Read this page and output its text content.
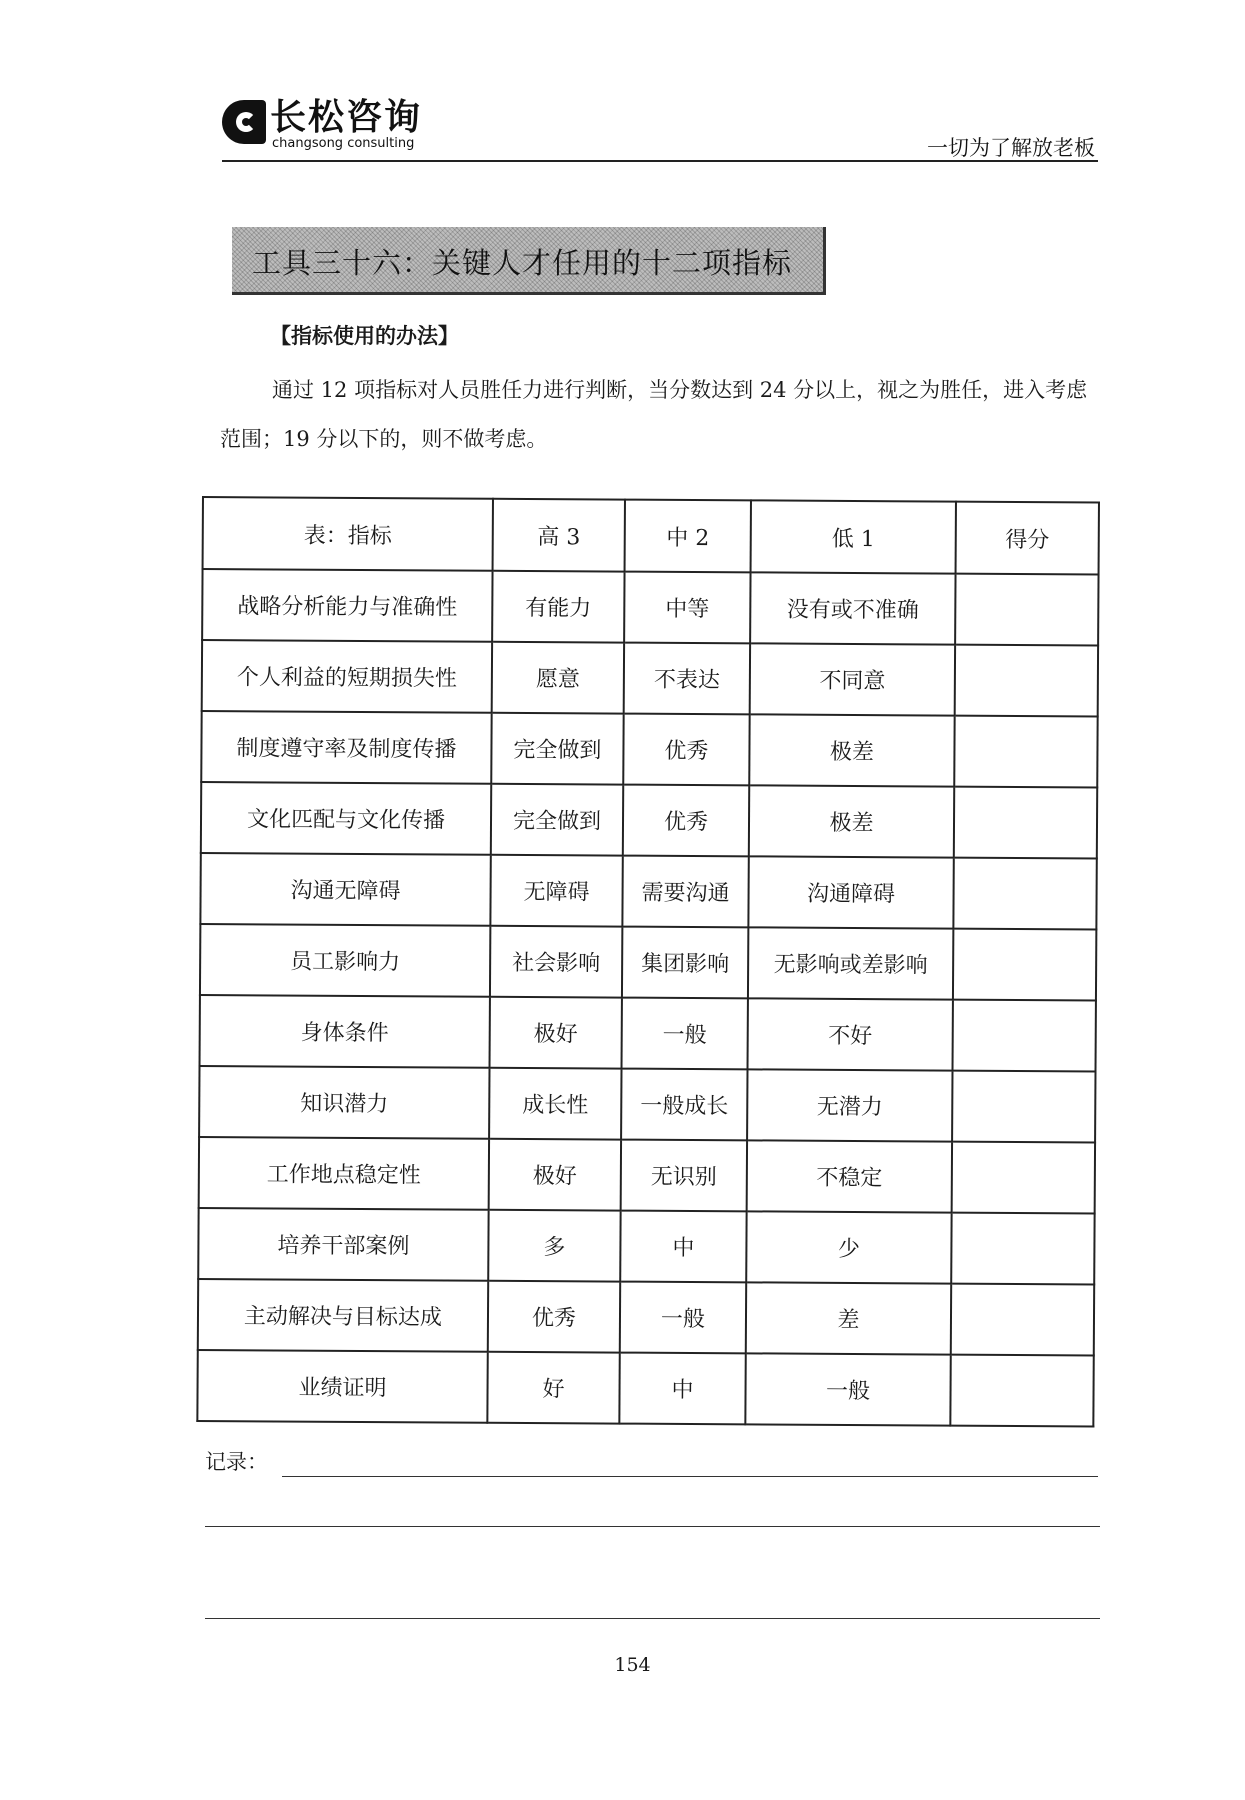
长松咨询
changsong consulting	一切为了解放老板
工具三十六：关键人才任用的十二项指标
【指标使用的办法】
通过 12 项指标对人员胜任力进行判断，当分数达到 24 分以上，视之为胜任，进入考虑范围；19 分以下的，则不做考虑。
表：指标	高 3	中 2	低 1	得分
战略分析能力与准确性	有能力	中等	没有或不准确	
个人利益的短期损失性	愿意	不表达	不同意	
制度遵守率及制度传播	完全做到	优秀	极差	
文化匹配与文化传播	完全做到	优秀	极差	
沟通无障碍	无障碍	需要沟通	沟通障碍	
员工影响力	社会影响	集团影响	无影响或差影响	
身体条件	极好	一般	不好	
知识潜力	成长性	一般成长	无潜力	
工作地点稳定性	极好	无识别	不稳定	
培养干部案例	多	中	少	
主动解决与目标达成	优秀	一般	差	
业绩证明	好	中	一般	
记录：
154
